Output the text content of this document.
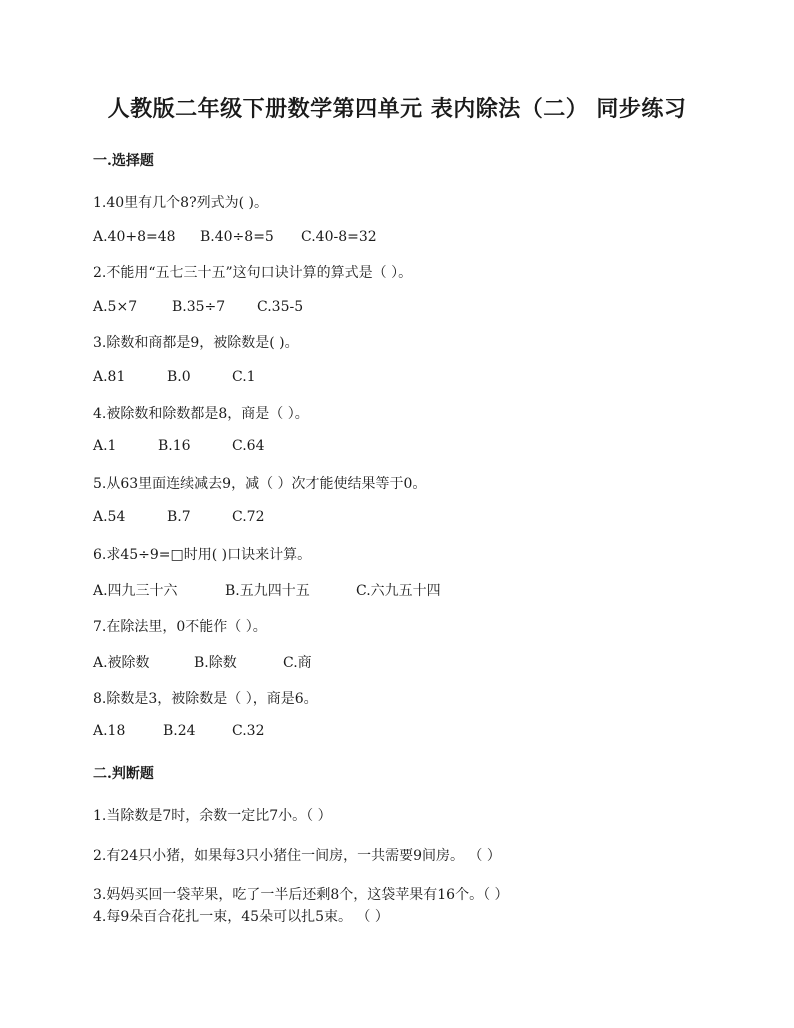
人教版二年级下册数学第四单元 表内除法（二） 同步练习
一.选择题
1.40里有几个8?列式为( )。
A.40+8=48	B.40÷8=5	C.40-8=32
2.不能用“五七三十五”这句口诀计算的算式是（ ）。
A.5×7	B.35÷7	C.35-5
3.除数和商都是9，被除数是( )。
A.81	B.0	C.1
4.被除数和除数都是8，商是（ ）。
A.1	B.16	C.64
5.从63里面连续减去9，减（ ）次才能使结果等于0。
A.54	B.7	C.72
6.求45÷9=□时用( )口诀来计算。
A.四九三十六	B.五九四十五	C.六九五十四
7.在除法里，0不能作（ ）。
A.被除数	B.除数	C.商
8.除数是3，被除数是（ ），商是6。
A.18	B.24	C.32
二.判断题
1.当除数是7时，余数一定比7小。（ ）
2.有24只小猪，如果每3只小猪住一间房，一共需要9间房。 （ ）
3.妈妈买回一袋苹果，吃了一半后还剩8个，这袋苹果有16个。（ ）
4.每9朵百合花扎一束，45朵可以扎5束。 （ ）
